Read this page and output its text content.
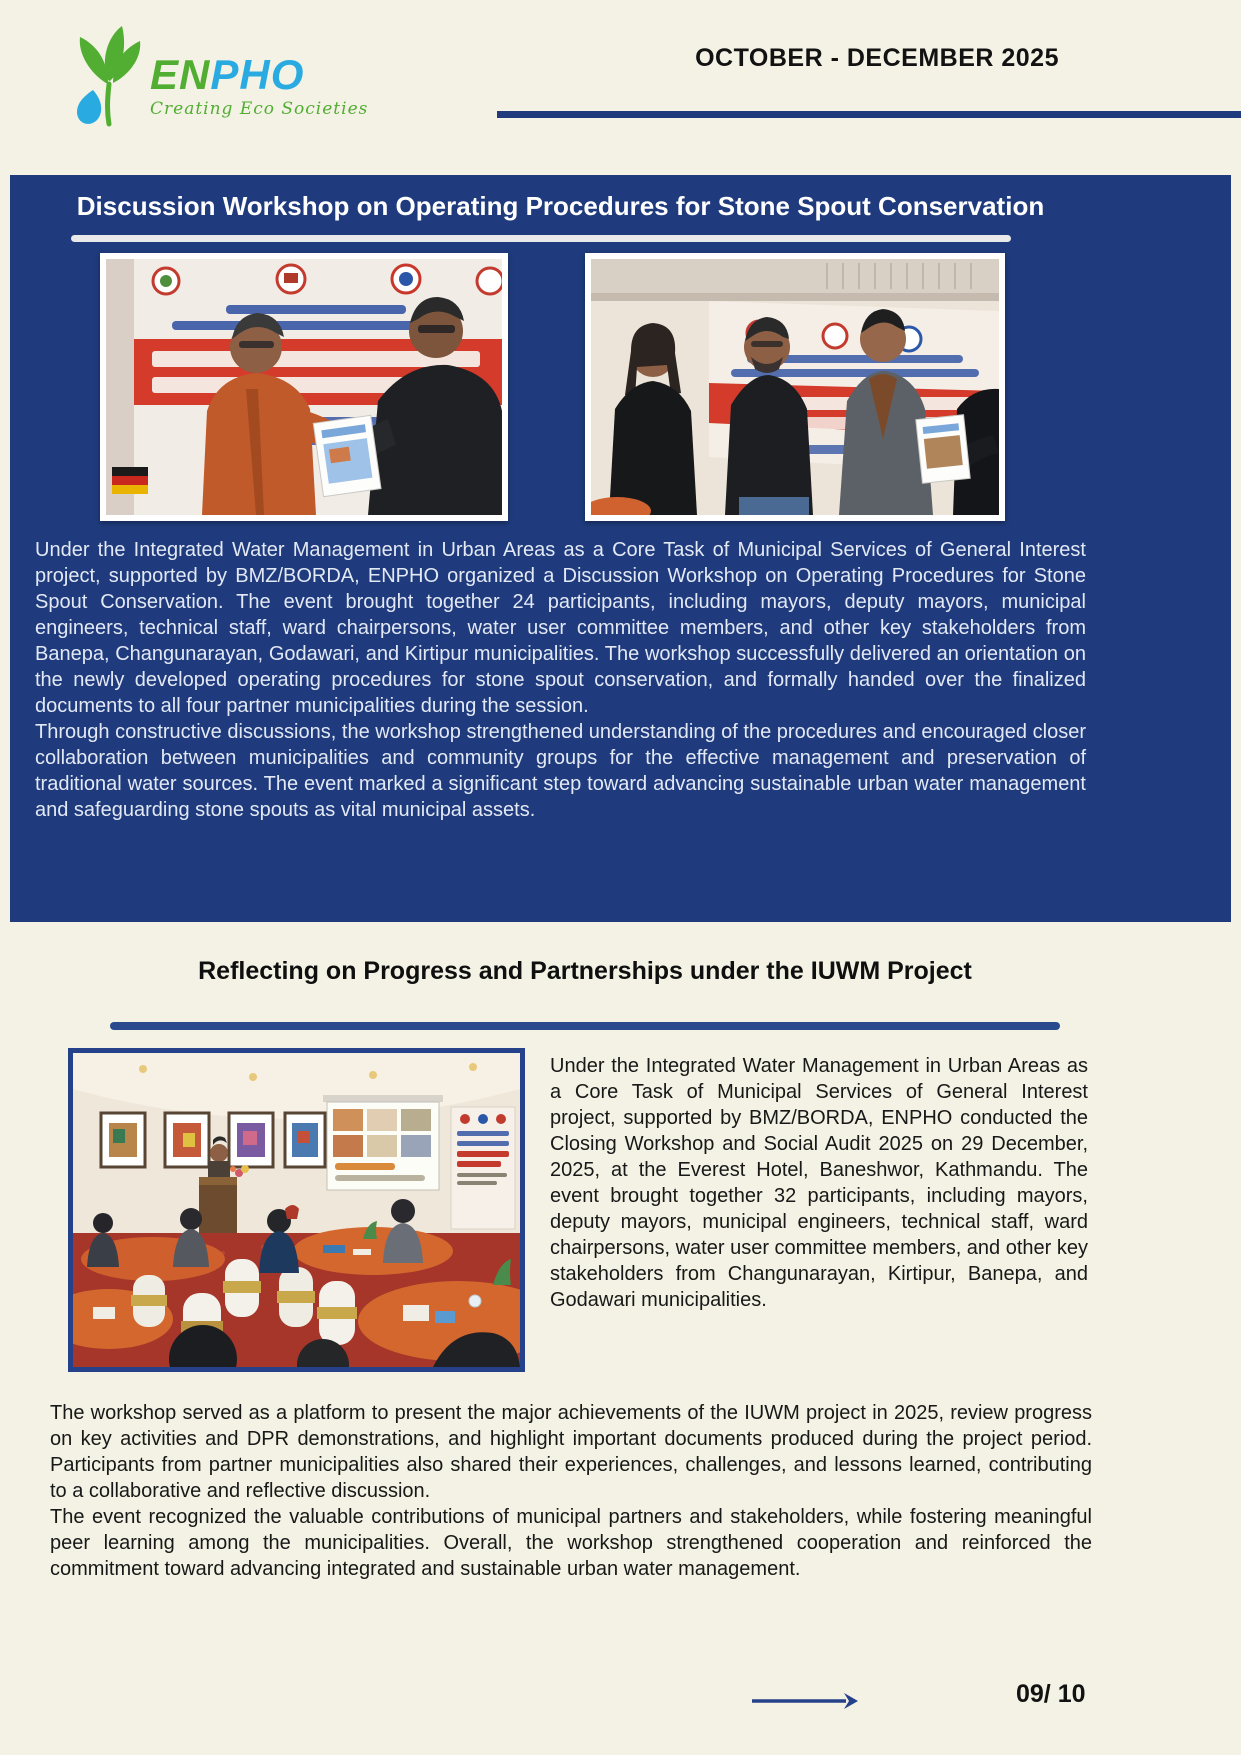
ENPHO
Creating Eco Societies
OCTOBER - DECEMBER 2025
Discussion Workshop on Operating Procedures for Stone Spout Conservation

Under the Integrated Water Management in Urban Areas as a Core Task of Municipal Services of General Interest project, supported by BMZ/BORDA, ENPHO organized a Discussion Workshop on Operating Procedures for Stone Spout Conservation. The event brought together 24 participants, including mayors, deputy mayors, municipal engineers, technical staff, ward chairpersons, water user committee members, and other key stakeholders from Banepa, Changunarayan, Godawari, and Kirtipur municipalities. The workshop successfully delivered an orientation on the newly developed operating procedures for stone spout conservation, and formally handed over the finalized documents to all four partner municipalities during the session.

Through constructive discussions, the workshop strengthened understanding of the procedures and encouraged closer collaboration between municipalities and community groups for the effective management and preservation of traditional water sources. The event marked a significant step toward advancing sustainable urban water management and safeguarding stone spouts as vital municipal assets.

Reflecting on Progress and Partnerships under the IUWM Project
Under the Integrated Water Management in Urban Areas as a Core Task of Municipal Services of General Interest project, supported by BMZ/BORDA, ENPHO conducted the Closing Workshop and Social Audit 2025 on 29 December, 2025, at the Everest Hotel, Baneshwor, Kathmandu. The event brought together 32 participants, including mayors, deputy mayors, municipal engineers, technical staff, ward chairpersons, water user committee members, and other key stakeholders from Changunarayan, Kirtipur, Banepa, and Godawari municipalities.

The workshop served as a platform to present the major achievements of the IUWM project in 2025, review progress on key activities and DPR demonstrations, and highlight important documents produced during the project period. Participants from partner municipalities also shared their experiences, challenges, and lessons learned, contributing to a collaborative and reflective discussion.

The event recognized the valuable contributions of municipal partners and stakeholders, while fostering meaningful peer learning among the municipalities. Overall, the workshop strengthened cooperation and reinforced the commitment toward advancing integrated and sustainable urban water management.

09/ 10
